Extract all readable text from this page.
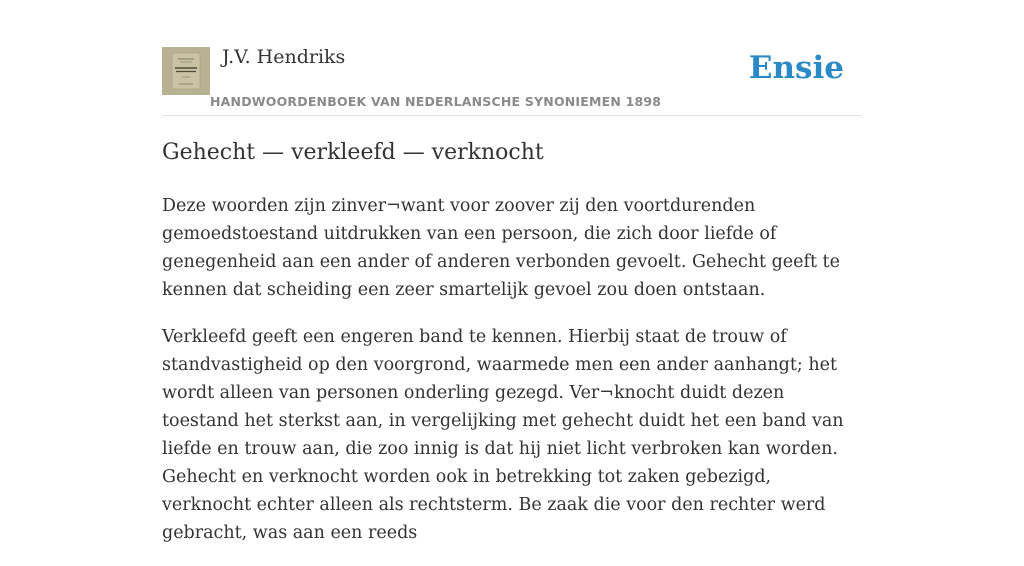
J.V. Hendriks
HANDWOORDENBOEK VAN NEDERLANSCHE SYNONIEMEN 1898
Ensie
Gehecht — verkleefd — verknocht

Deze woorden zijn zinver¬want voor zoover zij den voortdurenden gemoedstoestand uitdrukken van een persoon, die zich door liefde of genegenheid aan een ander of anderen verbonden gevoelt. Gehecht geeft te kennen dat scheiding een zeer smartelijk gevoel zou doen ontstaan.

Verkleefd geeft een engeren band te kennen. Hierbij staat de trouw of standvastigheid op den voorgrond, waarmede men een ander aanhangt; het wordt alleen van personen onderling gezegd. Ver¬knocht duidt dezen toestand het sterkst aan, in vergelijking met gehecht duidt het een band van liefde en trouw aan, die zoo innig is dat hij niet licht verbroken kan worden. Gehecht en verknocht worden ook in betrekking tot zaken gebezigd, verknocht echter alleen als rechtsterm. Be zaak die voor den rechter werd gebracht, was aan een reeds
